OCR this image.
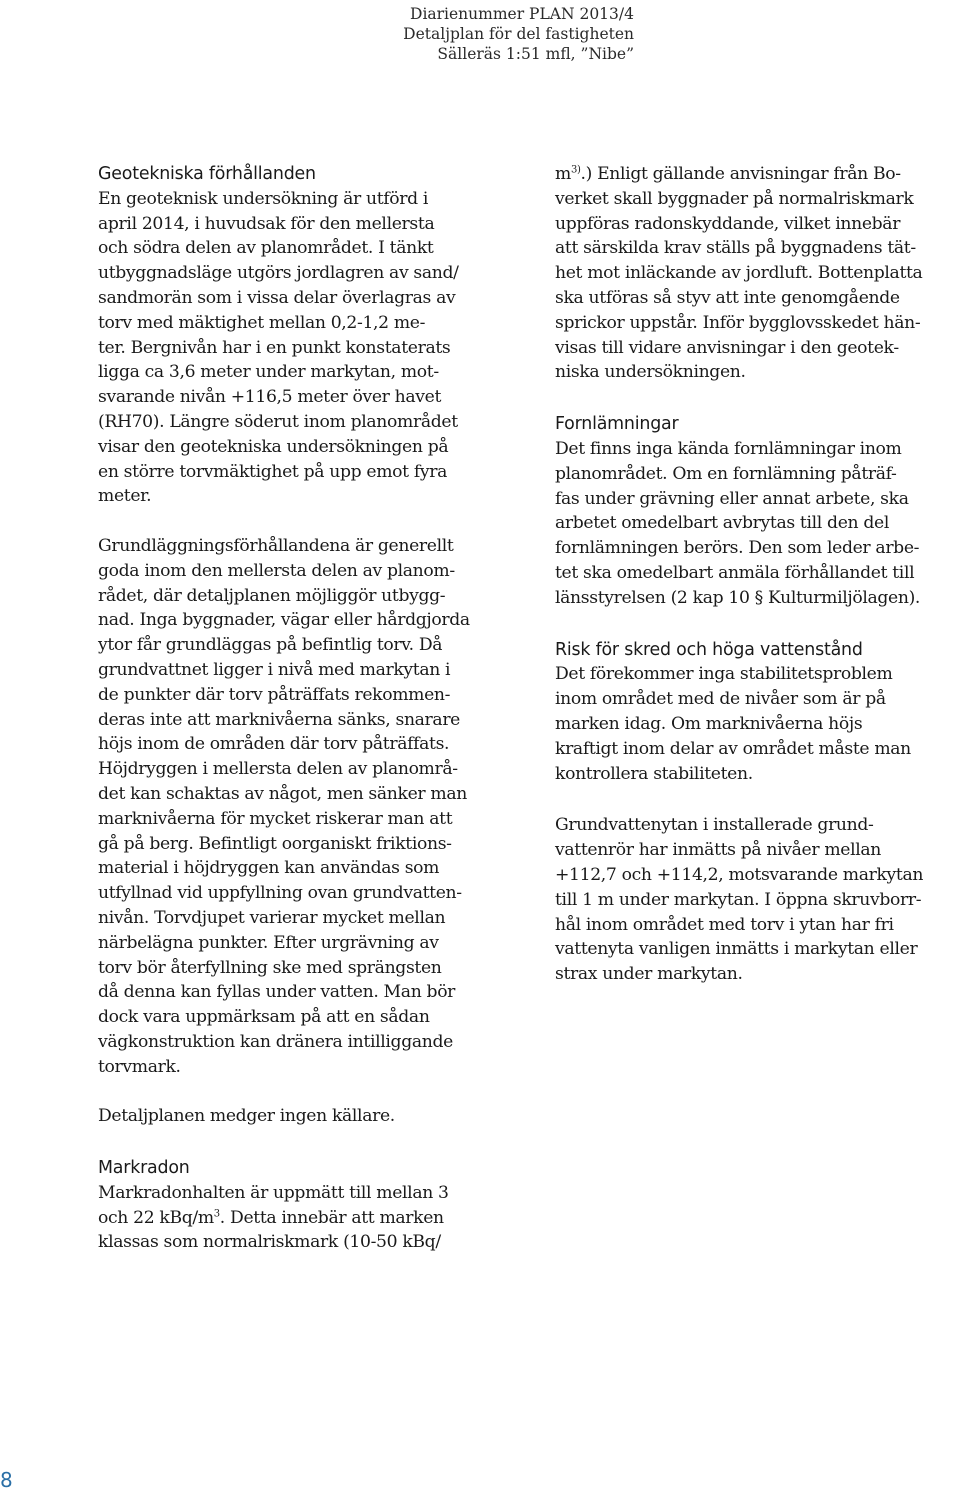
Diarienummer PLAN 2013/4
Detaljplan för del fastigheten
Sälleräs 1:51 mfl, ”Nibe”
Geotekniska förhållanden

En geoteknisk undersökning är utförd i
april 2014, i huvudsak för den mellersta
och södra delen av planområdet. I tänkt
utbyggnadsläge utgörs jordlagren av sand/
sandmorän som i vissa delar överlagras av
torv med mäktighet mellan 0,2-1,2 me-
ter. Bergnivån har i en punkt konstaterats
ligga ca 3,6 meter under markytan, mot-
svarande nivån +116,5 meter över havet
(RH70). Längre söderut inom planområdet
visar den geotekniska undersökningen på
en större torvmäktighet på upp emot fyra
meter.

Grundläggningsförhållandena är generellt
goda inom den mellersta delen av planom-
rådet, där detaljplanen möjliggör utbygg-
nad. Inga byggnader, vägar eller hårdgjorda
ytor får grundläggas på befintlig torv. Då
grundvattnet ligger i nivå med markytan i
de punkter där torv påträffats rekommen-
deras inte att marknivåerna sänks, snarare
höjs inom de områden där torv påträffats.
Höjdryggen i mellersta delen av planområ-
det kan schaktas av något, men sänker man
marknivåerna för mycket riskerar man att
gå på berg. Befintligt oorganiskt friktions-
material i höjdryggen kan användas som
utfyllnad vid uppfyllning ovan grundvatten-
nivån. Torvdjupet varierar mycket mellan
närbelägna punkter. Efter urgrävning av
torv bör återfyllning ske med sprängsten
då denna kan fyllas under vatten. Man bör
dock vara uppmärksam på att en sådan
vägkonstruktion kan dränera intilliggande
torvmark.

Detaljplanen medger ingen källare.

Markradon

Markradonhalten är uppmätt till mellan 3
och 22 kBq/$m^3$. Detta innebär att marken
klassas som normalriskmark (10-50 kBq/

$m^{3)}$.) Enligt gällande anvisningar från Bo-
verket skall byggnader på normalriskmark
uppföras radonskyddande, vilket innebär
att särskilda krav ställs på byggnadens tät-
het mot inläckande av jordluft. Bottenplatta
ska utföras så styv att inte genomgående
sprickor uppstår. Inför bygglovsskedet hän-
visas till vidare anvisningar i den geotek-
niska undersökningen.

Fornlämningar

Det finns inga kända fornlämningar inom
planområdet. Om en fornlämning påträf-
fas under grävning eller annat arbete, ska
arbetet omedelbart avbrytas till den del
fornlämningen berörs. Den som leder arbe-
tet ska omedelbart anmäla förhållandet till
länsstyrelsen (2 kap 10 § Kulturmiljölagen).

Risk för skred och höga vattenstånd

Det förekommer inga stabilitetsproblem
inom området med de nivåer som är på
marken idag. Om marknivåerna höjs
kraftigt inom delar av området måste man
kontrollera stabiliteten.

Grundvattenytan i installerade grund-
vattenrör har inmätts på nivåer mellan
+112,7 och +114,2, motsvarande markytan
till 1 m under markytan. I öppna skruvborr-
hål inom området med torv i ytan har fri
vattenyta vanligen inmätts i markytan eller
strax under markytan.

8
